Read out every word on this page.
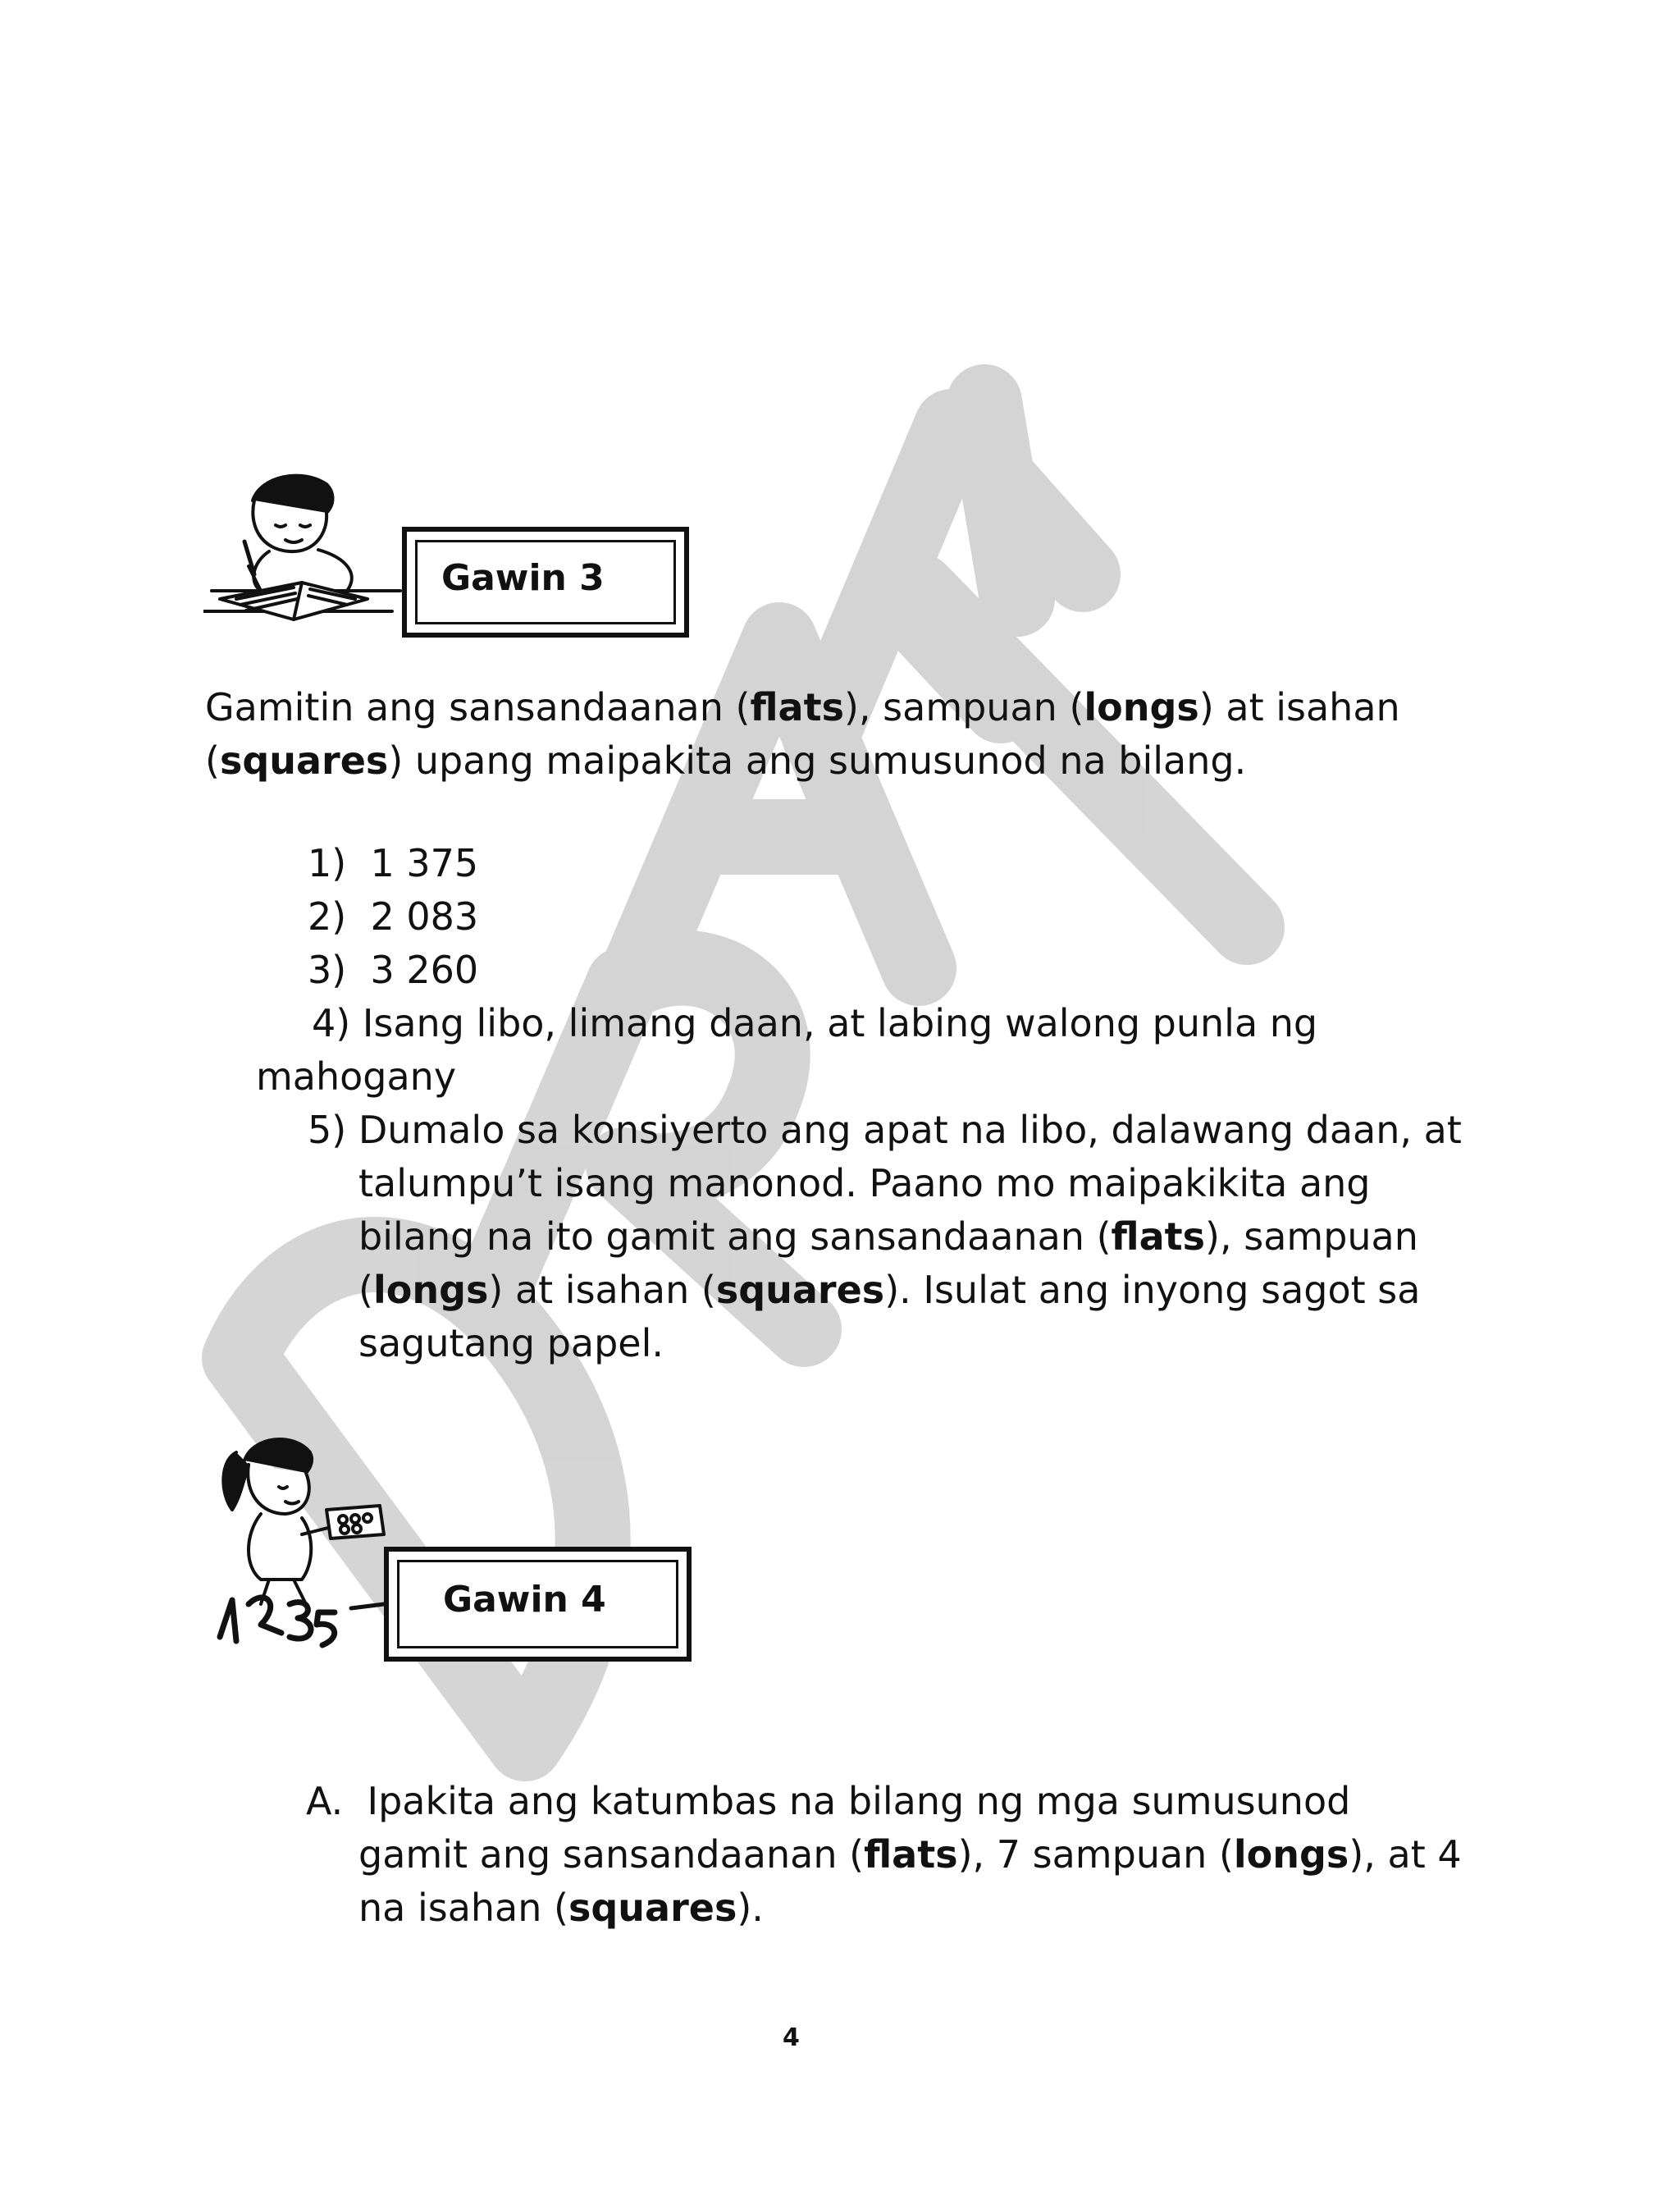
Gawin 3
Gamitin ang sansandaanan (flats), sampuan (longs) at isahan
(squares) upang maipakita ang sumusunod na bilang.
1) 1 375
2) 2 083
3) 3 260
4) Isang libo, limang daan, at labing walong punla ng
mahogany
5) Dumalo sa konsiyerto ang apat na libo, dalawang daan, at
talumpu’t isang manonod. Paano mo maipakikita ang
bilang na ito gamit ang sansandaanan (flats), sampuan
(longs) at isahan (squares). Isulat ang inyong sagot sa
sagutang papel.
Gawin 4
A.  Ipakita ang katumbas na bilang ng mga sumusunod
gamit ang sansandaanan (flats), 7 sampuan (longs), at 4
na isahan (squares).
4
